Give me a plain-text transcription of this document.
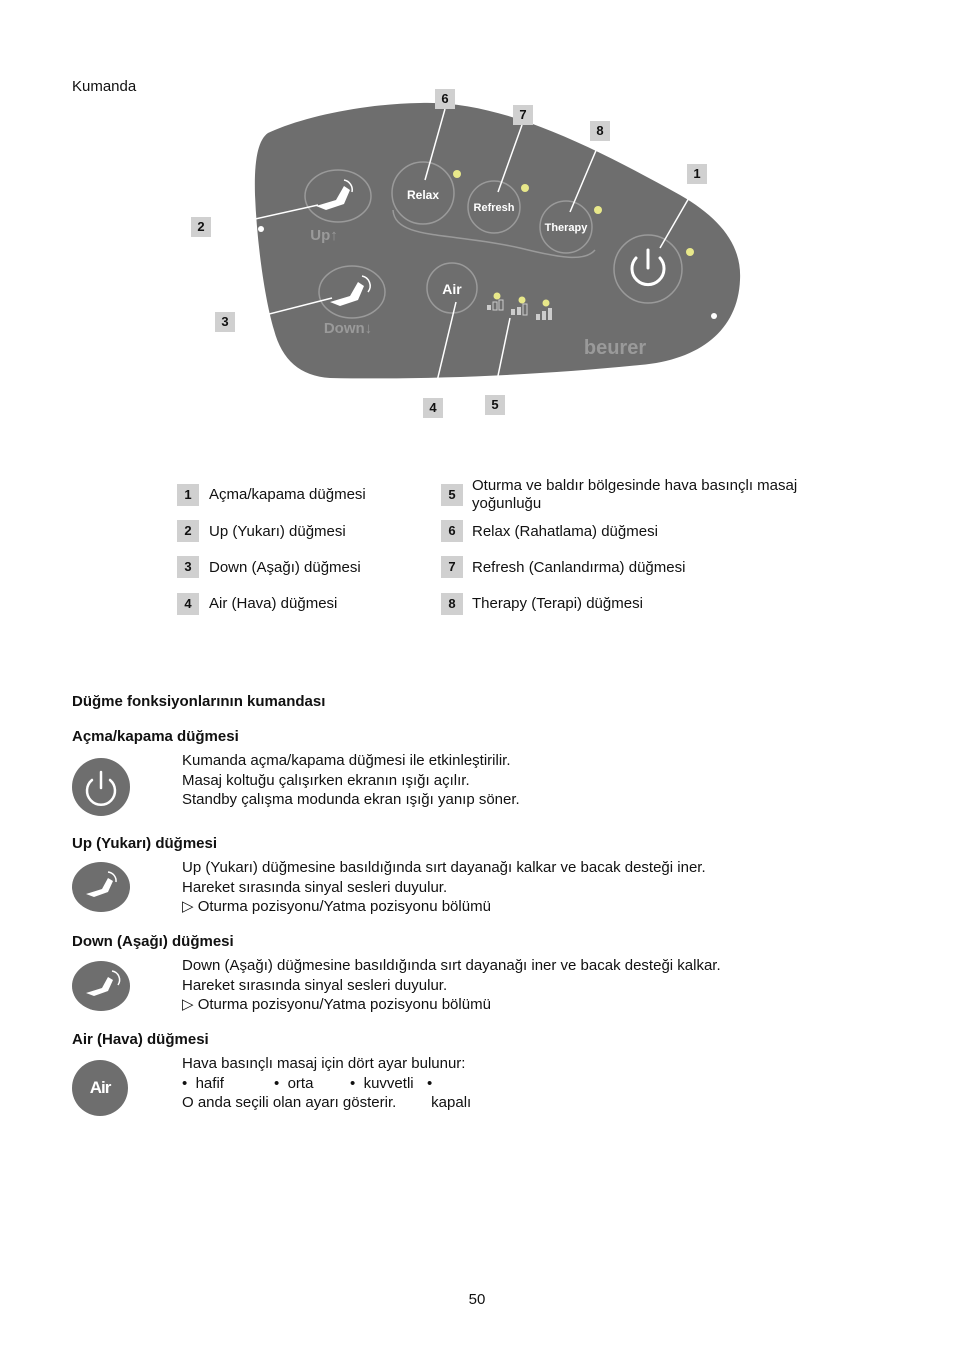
Kumanda
Relax
Refresh
Therapy
Up↑
Down↓
Air
beurer
6
7
8
1
2
3
4	5
1	Açma/kapama düğmesi
2	Up (Yukarı) düğmesi
3	Down (Aşağı) düğmesi
4	Air (Hava) düğmesi
5
Oturma ve baldır bölgesinde hava basınçlı masaj yoğunluğu
6	Relax (Rahatlama) düğmesi
7	Refresh (Canlandırma) düğmesi
8	Therapy (Terapi) düğmesi
Düğme fonksiyonlarının kumandası
Açma/kapama düğmesi
Kumanda açma/kapama düğmesi ile etkinleştirilir.
Masaj koltuğu çalışırken ekranın ışığı açılır.
Standby çalışma modunda ekran ışığı yanıp söner.
Up (Yukarı) düğmesi
Up (Yukarı) düğmesine basıldığında sırt dayanağı kalkar ve bacak desteği iner.
Hareket sırasında sinyal sesleri duyulur.
▷ Oturma pozisyonu/Yatma pozisyonu bölümü
Down (Aşağı) düğmesi
Down (Aşağı) düğmesine basıldığında sırt dayanağı iner ve bacak desteği kalkar.
Hareket sırasında sinyal sesleri duyulur.
▷ Oturma pozisyonu/Yatma pozisyonu bölümü
Air (Hava) düğmesi
Air
Hava basınçlı masaj için dört ayar bulunur:
•  hafif	•  orta •  kuvvetli •  kapalı
O anda seçili olan ayarı gösterir.
50
